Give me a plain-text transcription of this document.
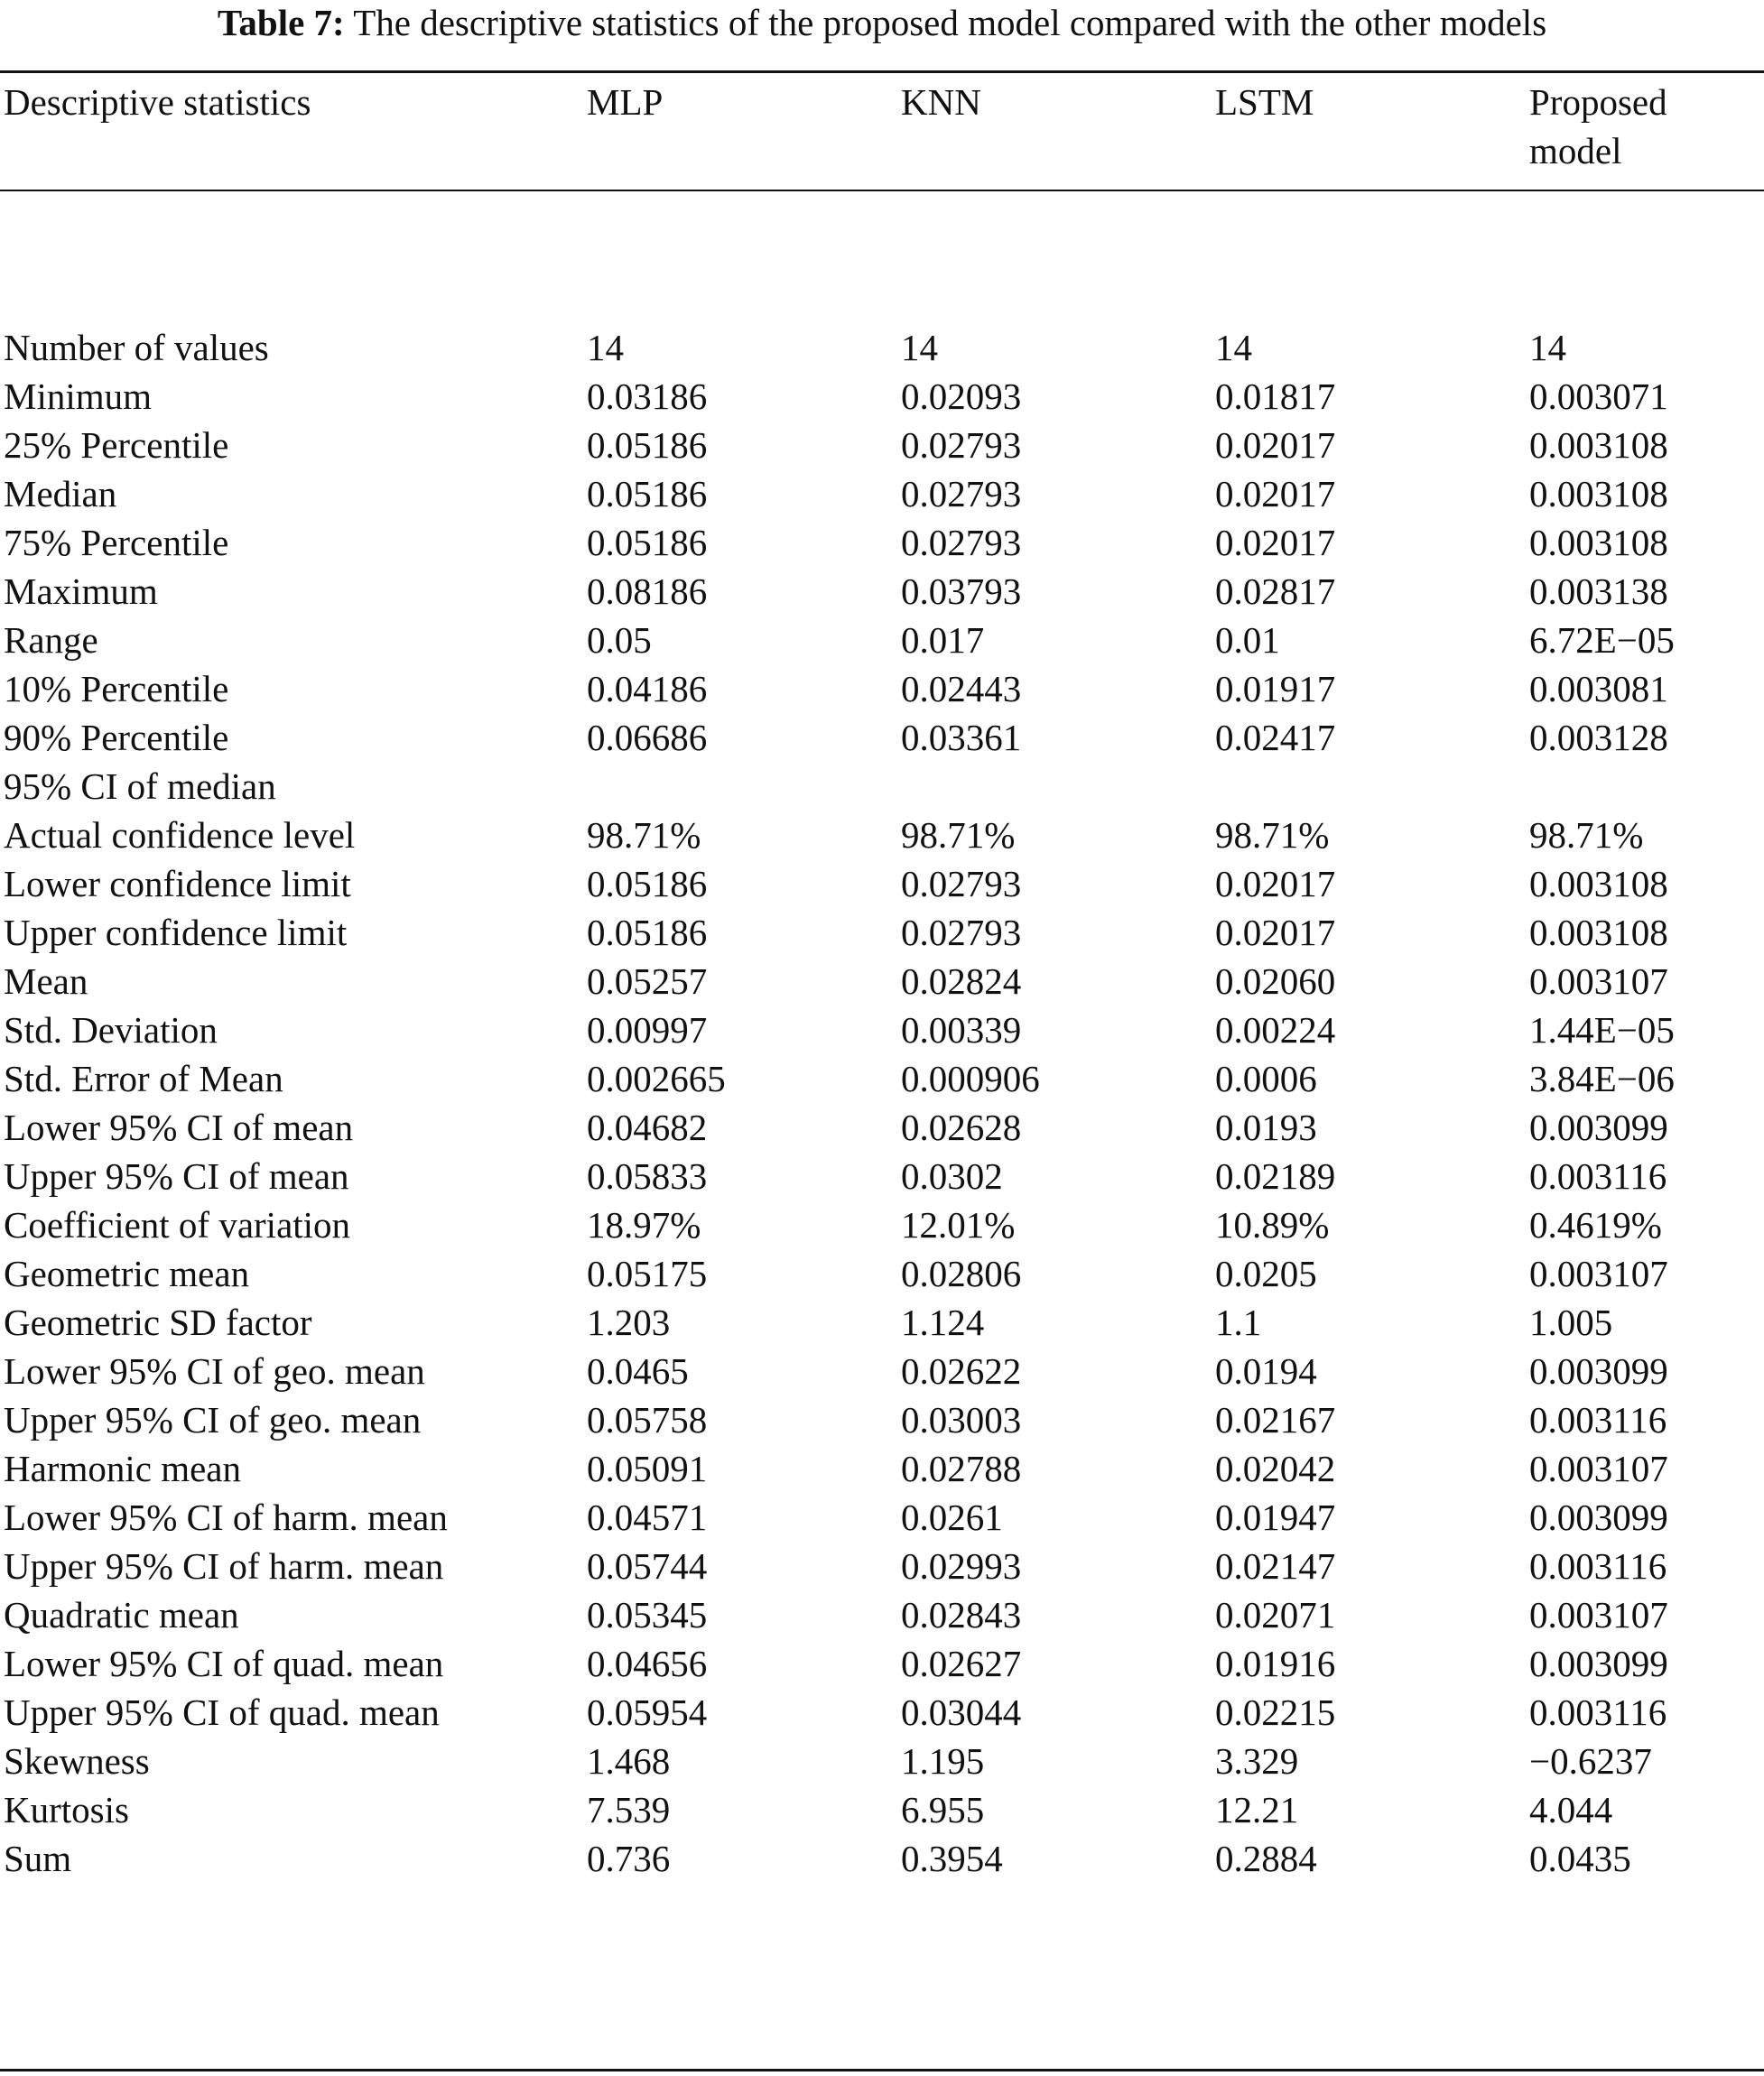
Table 7: The descriptive statistics of the proposed model compared with the other models
Descriptive statistics	MLP	KNN	LSTM	Proposed model
Number of values	14	14	14	14
Minimum	0.03186	0.02093	0.01817	0.003071
25% Percentile	0.05186	0.02793	0.02017	0.003108
Median	0.05186	0.02793	0.02017	0.003108
75% Percentile	0.05186	0.02793	0.02017	0.003108
Maximum	0.08186	0.03793	0.02817	0.003138
Range	0.05	0.017	0.01	6.72E−05
10% Percentile	0.04186	0.02443	0.01917	0.003081
90% Percentile	0.06686	0.03361	0.02417	0.003128
95% CI of median				
Actual confidence level	98.71%	98.71%	98.71%	98.71%
Lower confidence limit	0.05186	0.02793	0.02017	0.003108
Upper confidence limit	0.05186	0.02793	0.02017	0.003108
Mean	0.05257	0.02824	0.02060	0.003107
Std. Deviation	0.00997	0.00339	0.00224	1.44E−05
Std. Error of Mean	0.002665	0.000906	0.0006	3.84E−06
Lower 95% CI of mean	0.04682	0.02628	0.0193	0.003099
Upper 95% CI of mean	0.05833	0.0302	0.02189	0.003116
Coefficient of variation	18.97%	12.01%	10.89%	0.4619%
Geometric mean	0.05175	0.02806	0.0205	0.003107
Geometric SD factor	1.203	1.124	1.1	1.005
Lower 95% CI of geo. mean	0.0465	0.02622	0.0194	0.003099
Upper 95% CI of geo. mean	0.05758	0.03003	0.02167	0.003116
Harmonic mean	0.05091	0.02788	0.02042	0.003107
Lower 95% CI of harm. mean	0.04571	0.0261	0.01947	0.003099
Upper 95% CI of harm. mean	0.05744	0.02993	0.02147	0.003116
Quadratic mean	0.05345	0.02843	0.02071	0.003107
Lower 95% CI of quad. mean	0.04656	0.02627	0.01916	0.003099
Upper 95% CI of quad. mean	0.05954	0.03044	0.02215	0.003116
Skewness	1.468	1.195	3.329	−0.6237
Kurtosis	7.539	6.955	12.21	4.044
Sum	0.736	0.3954	0.2884	0.0435
